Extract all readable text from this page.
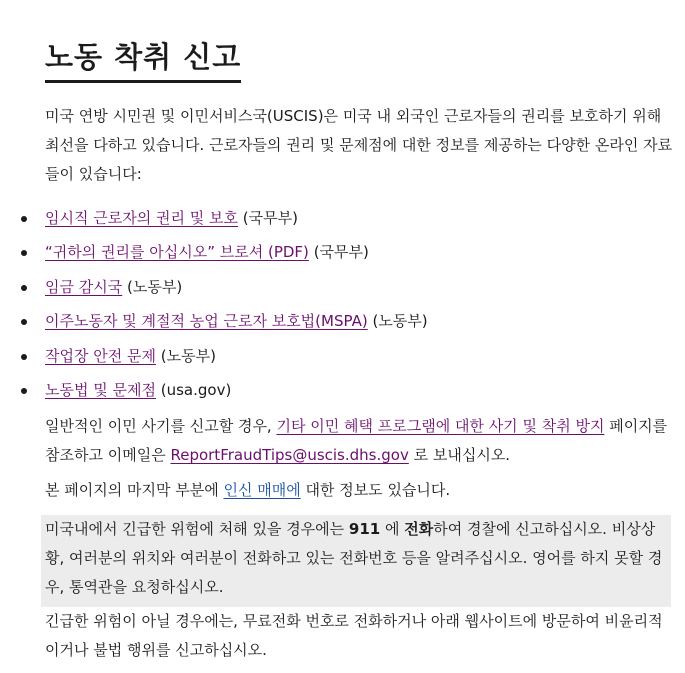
노동 착취 신고

미국 연방 시민권 및 이민서비스국(USCIS)은 미국 내 외국인 근로자들의 권리를 보호하기 위해 최선을 다하고 있습니다. 근로자들의 권리 및 문제점에 대한 정보를 제공하는 다양한 온라인 자료들이 있습니다:

임시직 근로자의 권리 및 보호 (국무부)
“귀하의 권리를 아십시오” 브로셔 (PDF) (국무부)
임금 감시국 (노동부)
이주노동자 및 계절적 농업 근로자 보호법(MSPA) (노동부)
작업장 안전 문제 (노동부)
노동법 및 문제점 (usa.gov)

일반적인 이민 사기를 신고할 경우, 기타 이민 혜택 프로그램에 대한 사기 및 착취 방지 페이지를 참조하고 이메일은 ReportFraudTips@uscis.dhs.gov 로 보내십시오.

본 페이지의 마지막 부분에 인신 매매에 대한 정보도 있습니다.

미국내에서 긴급한 위험에 처해 있을 경우에는 911 에 전화하여 경찰에 신고하십시오. 비상상황, 여러분의 위치와 여러분이 전화하고 있는 전화번호 등을 알려주십시오. 영어를 하지 못할 경우, 통역관을 요청하십시오.

긴급한 위험이 아닐 경우에는, 무료전화 번호로 전화하거나 아래 웹사이트에 방문하여 비윤리적이거나 불법 행위를 신고하십시오.
